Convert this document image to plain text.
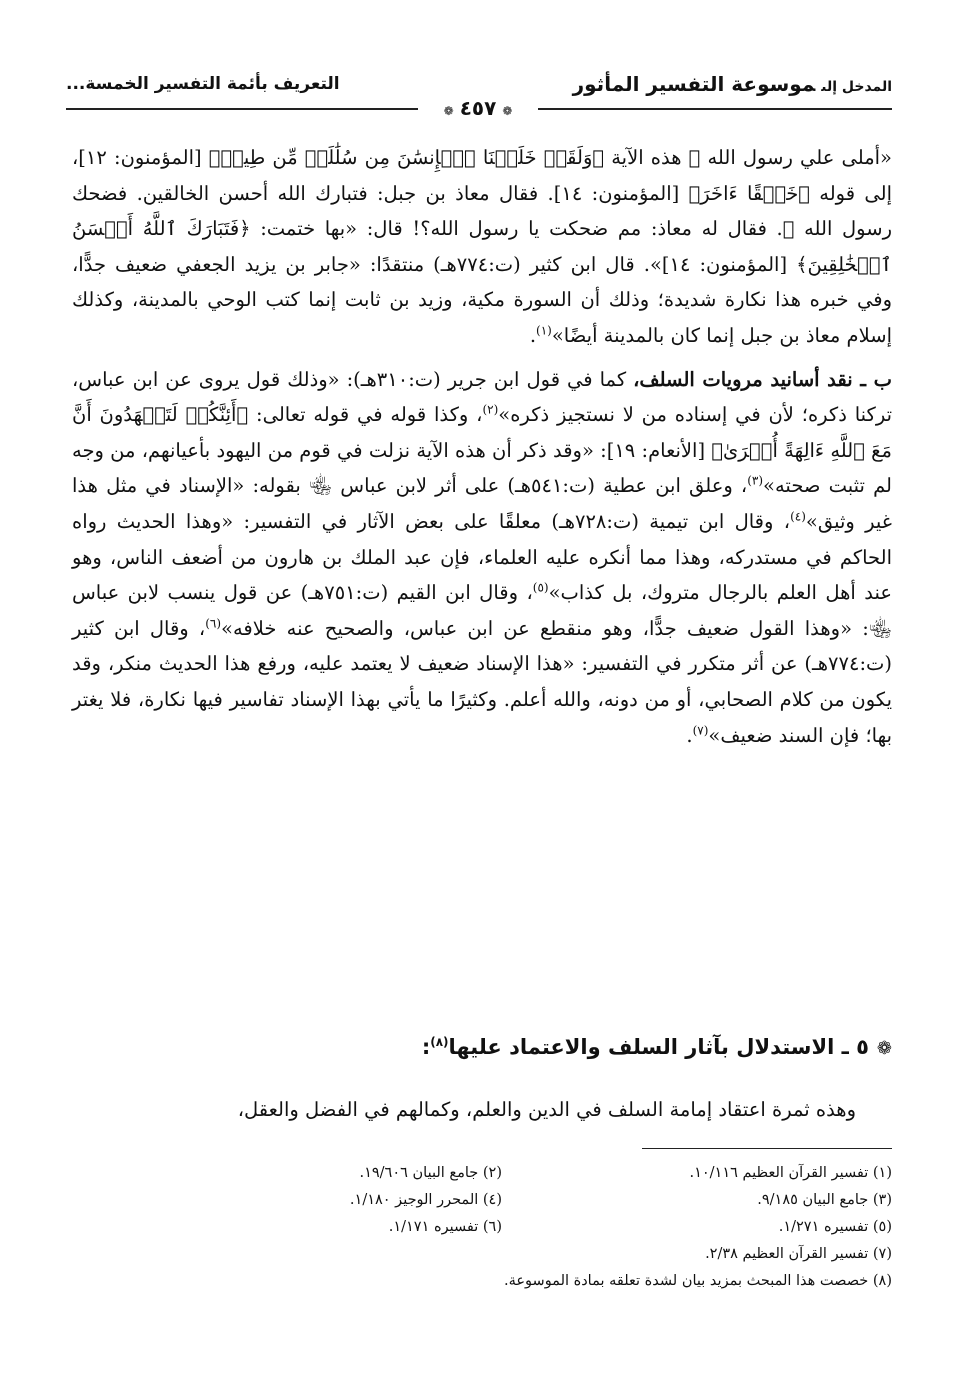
المدخل إلىموسوعة التفسير المأثور
التعريف بأئمة التفسير الخمسة...
❁٤٥٧❁

«أملى علي رسول الله ﷺ هذه الآية ﴿وَلَقَدۡ خَلَقۡنَا ٱلۡإِنسَٰنَ مِن سُلَٰلَةٖ مِّن طِينٖ﴾ [المؤمنون: ١٢]، إلى قوله ﴿خَلۡقًا ءَاخَرَ﴾ [المؤمنون: ١٤]. فقال معاذ بن جبل: فتبارك الله أحسن الخالقين. فضحك رسول الله ﷺ. فقال له معاذ: مم ضحكت يا رسول الله؟! قال: «بها ختمت: ﴿فَتَبَارَكَ ٱللَّهُ أَحۡسَنُ ٱلۡخَٰلِقِينَ﴾ [المؤمنون: ١٤]». قال ابن كثير (ت:٧٧٤هـ) منتقدًا: «جابر بن يزيد الجعفي ضعيف جدًّا، وفي خبره هذا نكارة شديدة؛ وذلك أن السورة مكية، وزيد بن ثابت إنما كتب الوحي بالمدينة، وكذلك إسلام معاذ بن جبل إنما كان بالمدينة أيضًا»$^{(١)}$.

ب ـ نقد أسانيد مرويات السلف، كما في قول ابن جرير (ت:٣١٠هـ): «وذلك قول يروى عن ابن عباس، تركنا ذكره؛ لأن في إسناده من لا نستجيز ذكره»$^{(٢)}$، وكذا قوله في قوله تعالى: ﴿أَئِنَّكُمۡ لَتَشۡهَدُونَ أَنَّ مَعَ ٱللَّهِ ءَالِهَةً أُخۡرَىٰ﴾ [الأنعام: ١٩]: «وقد ذكر أن هذه الآية نزلت في قوم من اليهود بأعيانهم، من وجه لم تثبت صحته»$^{(٣)}$، وعلق ابن عطية (ت:٥٤١هـ) على أثر لابن عباس ﵄ بقوله: «الإسناد في مثل هذا غير وثيق»$^{(٤)}$، وقال ابن تيمية (ت:٧٢٨هـ) معلقًا على بعض الآثار في التفسير: «وهذا الحديث رواه الحاكم في مستدركه، وهذا مما أنكره عليه العلماء، فإن عبد الملك بن هارون من أضعف الناس، وهو عند أهل العلم بالرجال متروك، بل كذاب»$^{(٥)}$، وقال ابن القيم (ت:٧٥١هـ) عن قول ينسب لابن عباس ﵄: «وهذا القول ضعيف جدًّا، وهو منقطع عن ابن عباس، والصحيح عنه خلافه»$^{(٦)}$، وقال ابن كثير (ت:٧٧٤هـ) عن أثر متكرر في التفسير: «هذا الإسناد ضعيف لا يعتمد عليه، ورفع هذا الحديث منكر، وقد يكون من كلام الصحابي، أو من دونه، والله أعلم. وكثيرًا ما يأتي بهذا الإسناد تفاسير فيها نكارة، فلا يغتر بها؛ فإن السند ضعيف»$^{(٧)}$.

❁٥ ـ الاستدلال بآثار السلف والاعتماد عليها$^{(٨)}$:
وهذه ثمرة اعتقاد إمامة السلف في الدين والعلم، وكمالهم في الفضل والعقل،
(١) تفسير القرآن العظيم ١٠/١١٦.
(٢) جامع البيان ١٩/٦٠٦.
(٣) جامع البيان ٩/١٨٥.
(٤) المحرر الوجيز ١/١٨٠.
(٥) تفسيره ١/٢٧١.
(٦) تفسيره ١/١٧١.
(٧) تفسير القرآن العظيم ٢/٣٨.
(٨) خصصت هذا المبحث بمزيد بيان لشدة تعلقه بمادة الموسوعة.
